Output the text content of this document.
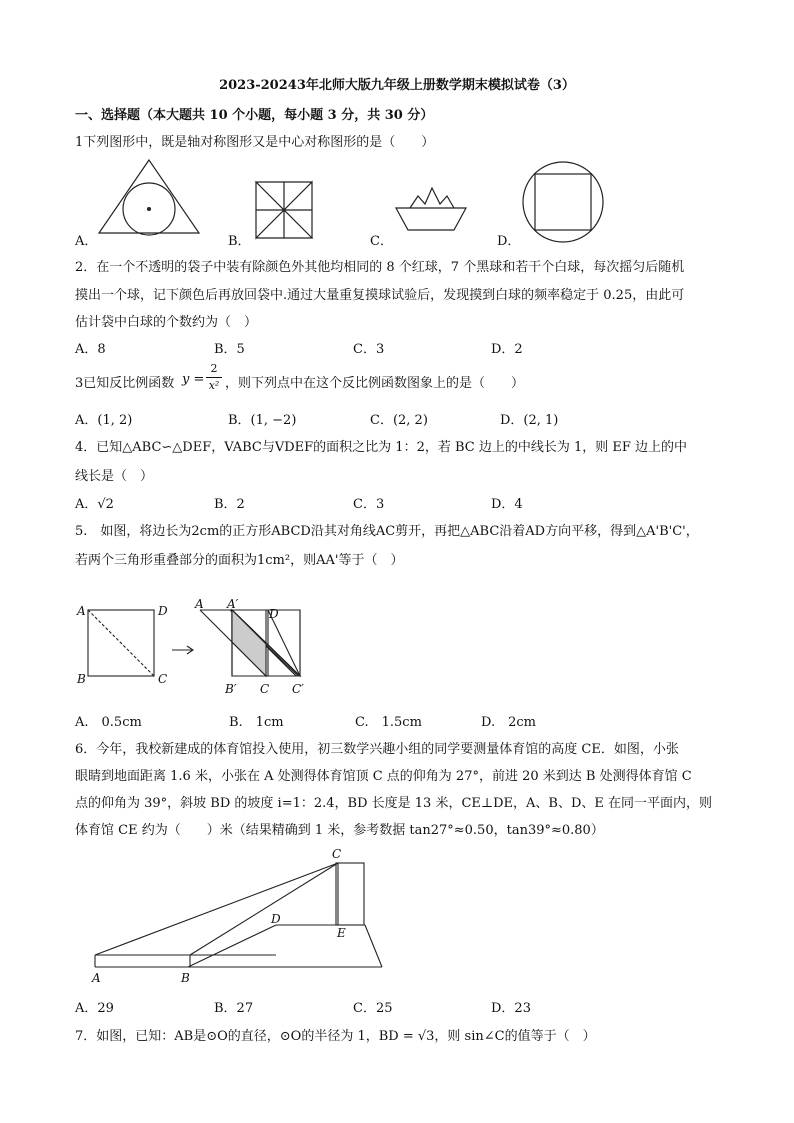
2023-20243年北师大版九年级上册数学期末模拟试卷（3）
一、选择题（本大题共 10 个小题，每小题 3 分，共 30 分）
1下列图形中，既是轴对称图形又是中心对称图形的是（　　）
A．	B．	C．	D．
2．在一个不透明的袋子中装有除颜色外其他均相同的 8 个红球，7 个黑球和若干个白球，每次摇匀后随机
摸出一个球，记下颜色后再放回袋中.通过大量重复摸球试验后，发现摸到白球的频率稳定于 0.25，由此可
估计袋中白球的个数约为（　）
A．8	B．5	C．3	D．2
3已知反比例函数 y =
2
x² ，则下列点中在这个反比例函数图象上的是（　　）
A．(1, 2)	B．(1, −2)	C．(2, 2)	D．(2, 1)
4．已知△ABC∽△DEF，VABC与VDEF的面积之比为 1：2，若 BC 边上的中线长为 1，则 EF 边上的中
线长是（　）
A．√2	B．2	C．3	D．4
5.　如图，将边长为2cm的正方形ABCD沿其对角线AC剪开，再把△ABC沿着AD方向平移，得到△A'B'C'，
若两个三角形重叠部分的面积为1cm²，则AA'等于（　）
A	D
B	C
A A′
D
B′ C C′
A.　0.5cm	B.　1cm	C.　1.5cm	D.　2cm
6．今年，我校新建成的体育馆投入使用，初三数学兴趣小组的同学要测量体育馆的高度 CE．如图，小张
眼睛到地面距离 1.6 米，小张在 A 处测得体育馆顶 C 点的仰角为 27°，前进 20 米到达 B 处测得体育馆 C
点的仰角为 39°，斜坡 BD 的坡度 i=1：2.4，BD 长度是 13 米，CE⊥DE，A、B、D、E 在同一平面内，则
体育馆 CE 约为（　　）米（结果精确到 1 米，参考数据 tan27°≈0.50，tan39°≈0.80）
C
D
E
A	B
A．29	B．27	C．25	D．23
7．如图，已知：AB是⊙O的直径，⊙O的半径为 1，BD = √3，则 sin∠C的值等于（　）
